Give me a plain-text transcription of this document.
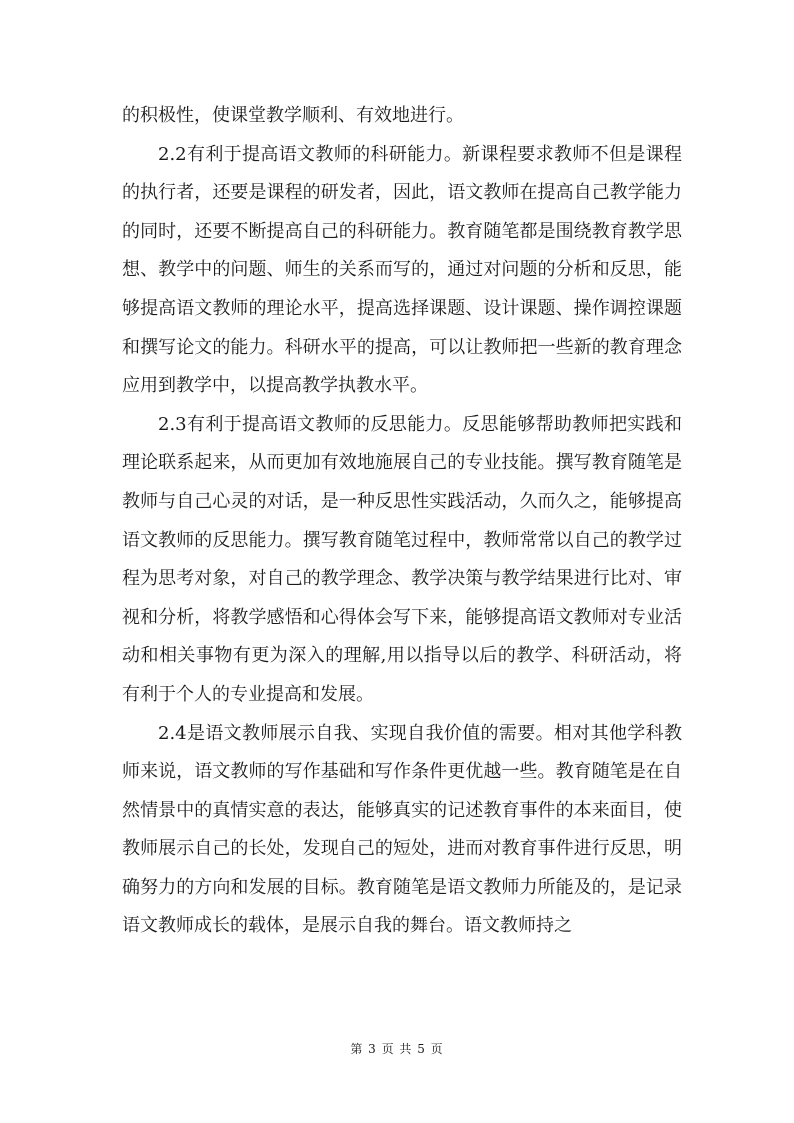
的积极性，使课堂教学顺利、有效地进行。

2.2有利于提高语文教师的科研能力。新课程要求教师不但是课程的执行者，还要是课程的研发者，因此，语文教师在提高自己教学能力的同时，还要不断提高自己的科研能力。教育随笔都是围绕教育教学思想、教学中的问题、师生的关系而写的，通过对问题的分析和反思，能够提高语文教师的理论水平，提高选择课题、设计课题、操作调控课题和撰写论文的能力。科研水平的提高，可以让教师把一些新的教育理念应用到教学中，以提高教学执教水平。

2.3有利于提高语文教师的反思能力。反思能够帮助教师把实践和理论联系起来，从而更加有效地施展自己的专业技能。撰写教育随笔是教师与自己心灵的对话，是一种反思性实践活动，久而久之，能够提高语文教师的反思能力。撰写教育随笔过程中，教师常常以自己的教学过程为思考对象，对自己的教学理念、教学决策与教学结果进行比对、审视和分析，将教学感悟和心得体会写下来，能够提高语文教师对专业活动和相关事物有更为深入的理解,用以指导以后的教学、科研活动，将有利于个人的专业提高和发展。

2.4是语文教师展示自我、实现自我价值的需要。相对其他学科教师来说，语文教师的写作基础和写作条件更优越一些。教育随笔是在自然情景中的真情实意的表达，能够真实的记述教育事件的本来面目，使教师展示自己的长处，发现自己的短处，进而对教育事件进行反思，明确努力的方向和发展的目标。教育随笔是语文教师力所能及的，是记录语文教师成长的载体，是展示自我的舞台。语文教师持之

第 3 页 共 5 页
